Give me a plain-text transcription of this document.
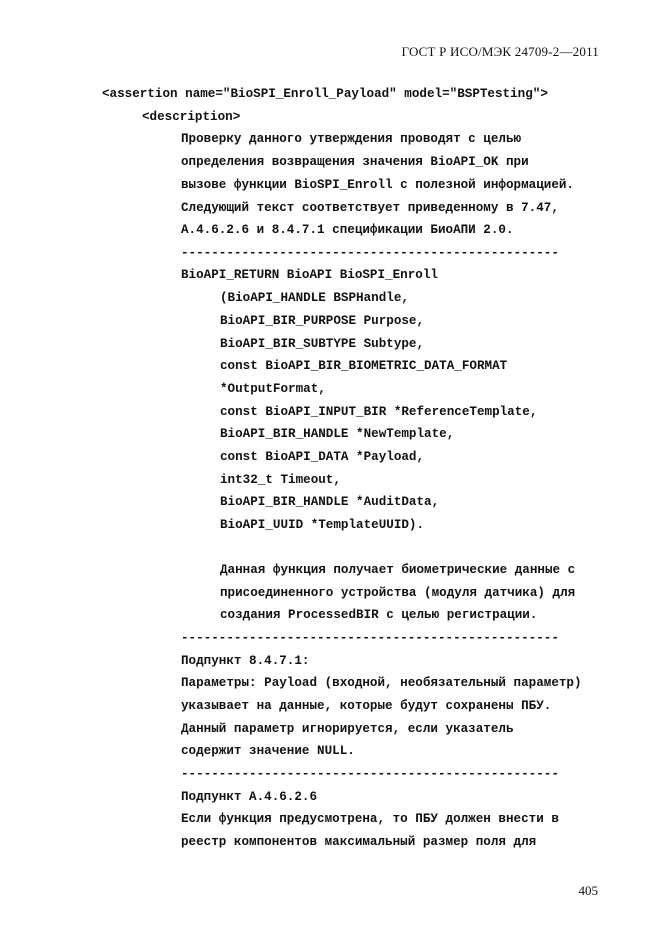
ГОСТ Р ИСО/МЭК 24709-2—2011

<assertion name="BioSPI_Enroll_Payload" model="BSPTesting">

<description>

Проверку данного утверждения проводят с целью

определения возвращения значения BioAPI_OK при

вызове функции BioSPI_Enroll с полезной информацией.

Следующий текст соответствует приведенному в 7.47,

А.4.6.2.6 и 8.4.7.1 спецификации БиоАПИ 2.0.

--------------------------------------------------

BioAPI_RETURN BioAPI BioSPI_Enroll

(BioAPI_HANDLE BSPHandle,

BioAPI_BIR_PURPOSE Purpose,

BioAPI_BIR_SUBTYPE Subtype,

const BioAPI_BIR_BIOMETRIC_DATA_FORMAT

*OutputFormat,

const BioAPI_INPUT_BIR *ReferenceTemplate,

BioAPI_BIR_HANDLE *NewTemplate,

const BioAPI_DATA *Payload,

int32_t Timeout,

BioAPI_BIR_HANDLE *AuditData,

BioAPI_UUID *TemplateUUID).

Данная функция получает биометрические данные с

присоединенного устройства (модуля датчика) для

создания ProcessedBIR с целью регистрации.

--------------------------------------------------

Подпункт 8.4.7.1:

Параметры: Payload (входной, необязательный параметр)

указывает на данные, которые будут сохранены ПБУ.

Данный параметр игнорируется, если указатель

содержит значение NULL.

--------------------------------------------------

Подпункт А.4.6.2.6

Если функция предусмотрена, то ПБУ должен внести в

реестр компонентов максимальный размер поля для

405
